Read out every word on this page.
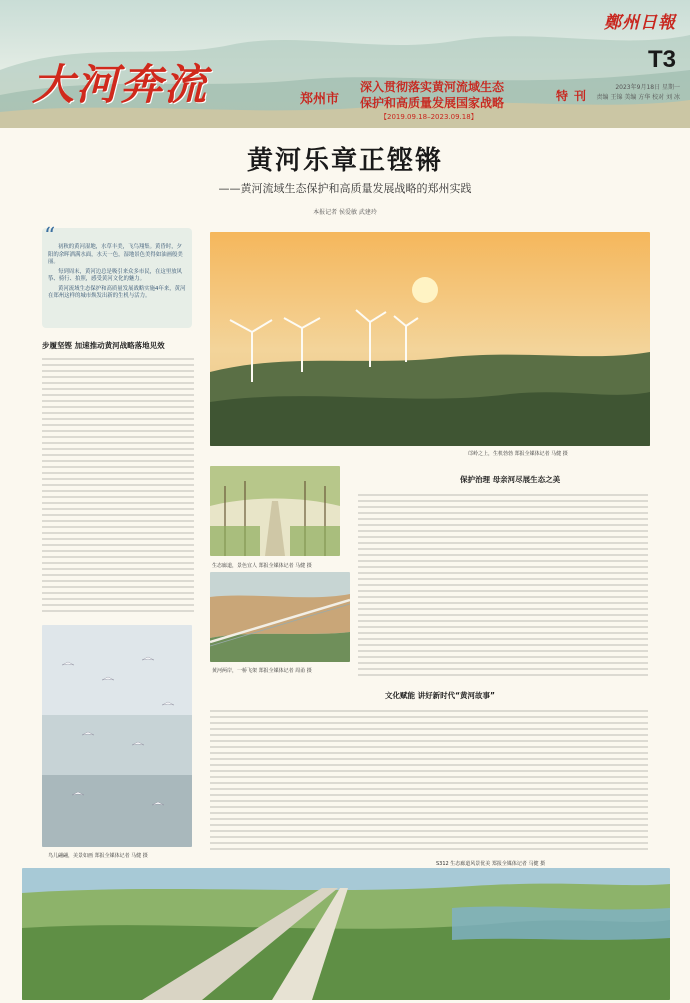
鄭州日報
T3
2023年9月18日 星期一
责编 王锦 美编 方华 校对 刘 冰
大河奔流	郑州市
深入贯彻落实黄河流域生态
保护和高质量发展国家战略	特刊
【2019.09.18–2023.09.18】
黄河乐章正铿锵
——黄河流域生态保护和高质量发展战略的郑州实践
本报记者 侯爱敏 武建玲

初秋的黄河湿地，水草丰美，飞鸟翔集。黄昏时，夕阳的余晖洒满水面，水天一色，湿地景色美得如油画般美丽。

每到周末，黄河边总是吸引来众多市民，在这里放风筝、骑行、拍照，感受黄河文化的魅力。

黄河流域生态保护和高质量发展战略实施4年来，黄河在郑州这样的城市焕发出新的生机与活力。

“
步履坚铿 加速推动黄河战略落地见效
鸟儿翩翩，美景如画 郑报全媒体记者 马健 摄
邙岭之上，生机勃勃 郑报全媒体记者 马健 摄
生态廊道，景色宜人 郑报全媒体记者 马健 摄
黄河两岸，一桥飞架 郑报全媒体记者 周甬 摄
保护治理 母亲河尽展生态之美
文化赋能 讲好新时代“黄河故事”
S312 生态廊道风景优美 郑报全媒体记者 马健 摄
